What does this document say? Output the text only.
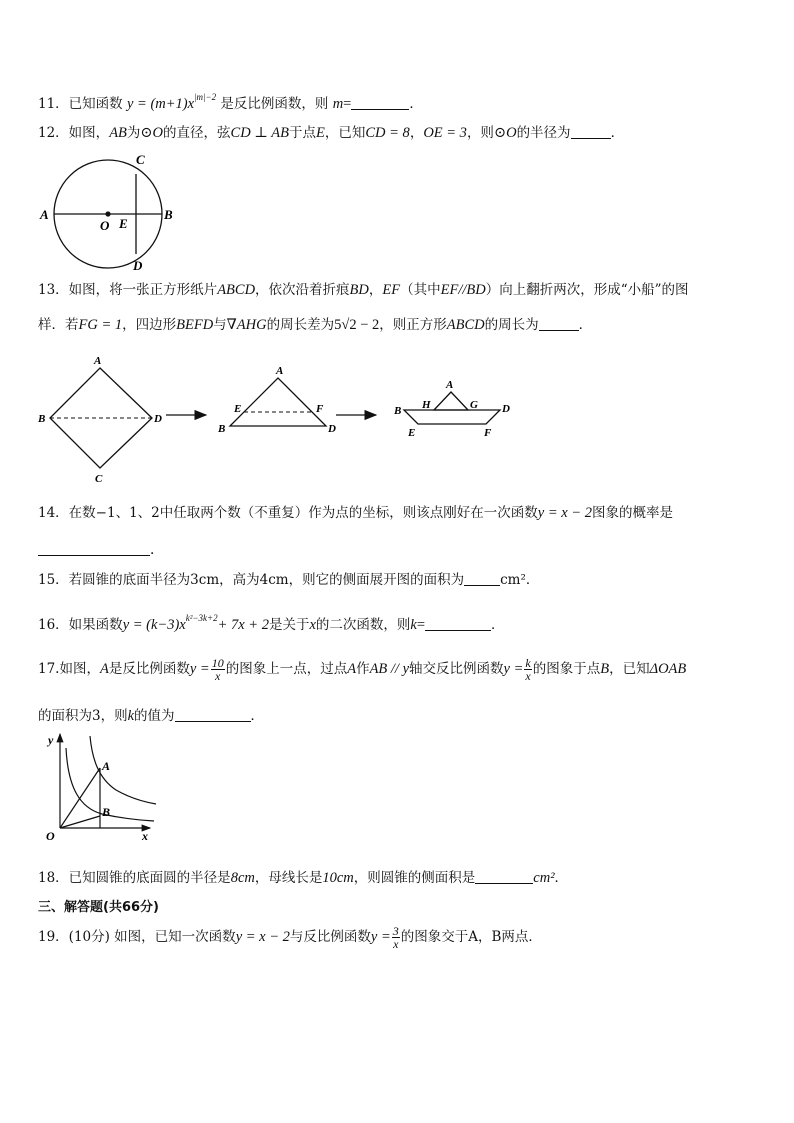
11．已知函数 $y = (m+1)x^{|m|-2}$ 是反比例函数，则 m=	．
12．如图，AB为⊙O的直径，弦CD ⊥ AB于点E，已知CD = 8，OE = 3，则⊙O的半径为	．
A	B
C
D
O E
13．如图，将一张正方形纸片ABCD，依次沿着折痕BD，EF（其中EF//BD）向上翻折两次，形成“小船”的图
样．若FG = 1，四边形BEFD与∇AHG的周长差为5√2 − 2，则正方形ABCD的周长为	．
A
B
C
D
A
B	D
E	F
A
B	D
E	F
G
H
14．在数−1、1、2中任取两个数（不重复）作为点的坐标，则该点刚好在一次函数y = x − 2图象的概率是
.
15．若圆锥的底面半径为3cm，高为4cm，则它的侧面展开图的面积为	cm²．
16．如果函数$y = (k-3)x^{k^2-3k+2}+ 7x + 2$是关于x的二次函数，则k=	．
17.如图，A是反比例函数$y = \frac{10}{x}$ 的图象上一点，过点A作AB // y轴交反比例函数$y = \frac{k}{x}$ 的图象于点B，已知ΔOAB
的面积为3，则k的值为	．
y
x
O
A
B
18．已知圆锥的底面圆的半径是8cm，母线长是10cm，则圆锥的侧面积是	cm²．
三、解答题(共66分)
19．(10分) 如图，已知一次函数y = x − 2与反比例函数$y = \frac{3}{x}$ 的图象交于A，B两点．
